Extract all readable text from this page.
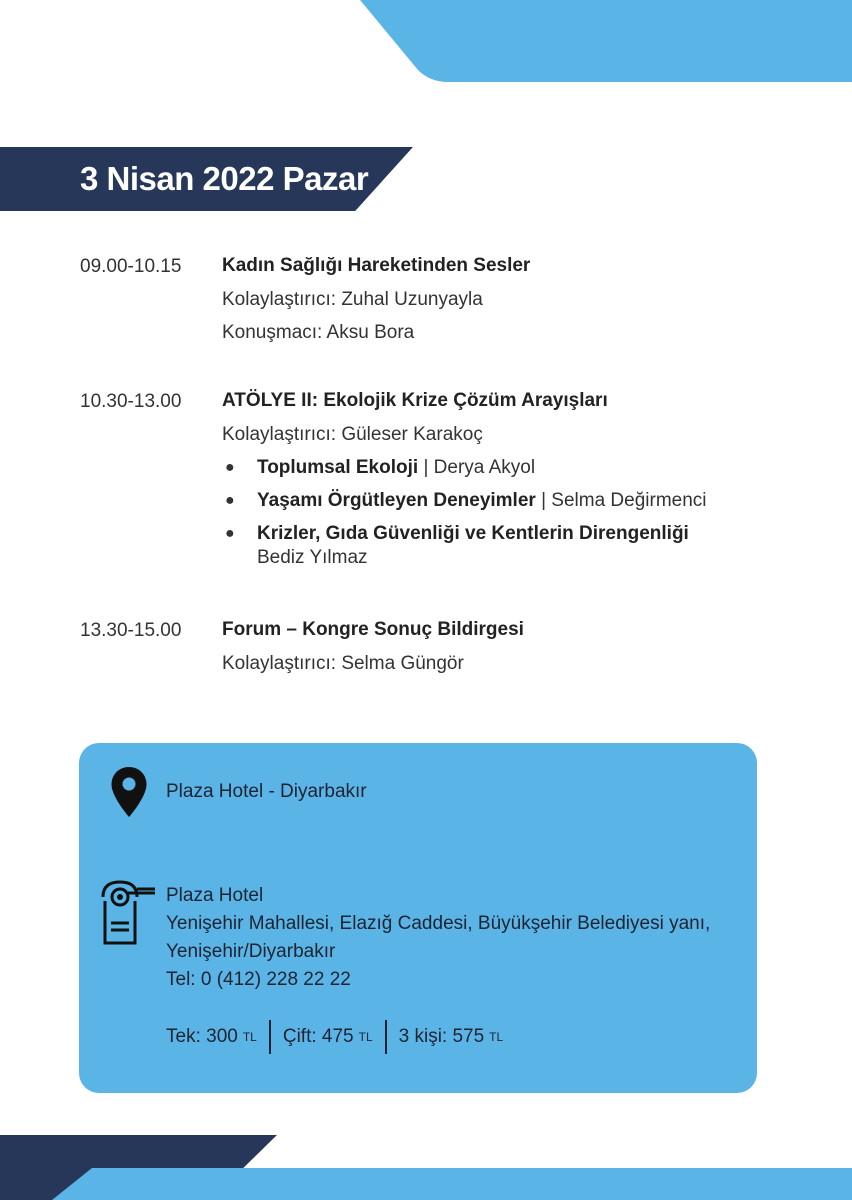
3 Nisan 2022 Pazar
09.00-10.15 Kadın Sağlığı Hareketinden Sesler
Kolaylaştırıcı: Zuhal Uzunyayla
Konuşmacı: Aksu Bora
10.30-13.00 ATÖLYE II: Ekolojik Krize Çözüm Arayışları
Kolaylaştırıcı: Güleser Karakoç
● Toplumsal Ekoloji | Derya Akyol
● Yaşamı Örgütleyen Deneyimler | Selma Değirmenci
● Krizler, Gıda Güvenliği ve Kentlerin Direngenliği
Bediz Yılmaz
13.30-15.00 Forum – Kongre Sonuç Bildirgesi
Kolaylaştırıcı: Selma Güngör
Plaza Hotel - Diyarbakır
Plaza Hotel
Yenişehir Mahallesi, Elazığ Caddesi, Büyükşehir Belediyesi yanı,
Yenişehir/Diyarbakır
Tel: 0 (412) 228 22 22
Tek: 300 TL Çift: 475 TL 3 kişi: 575 TL
